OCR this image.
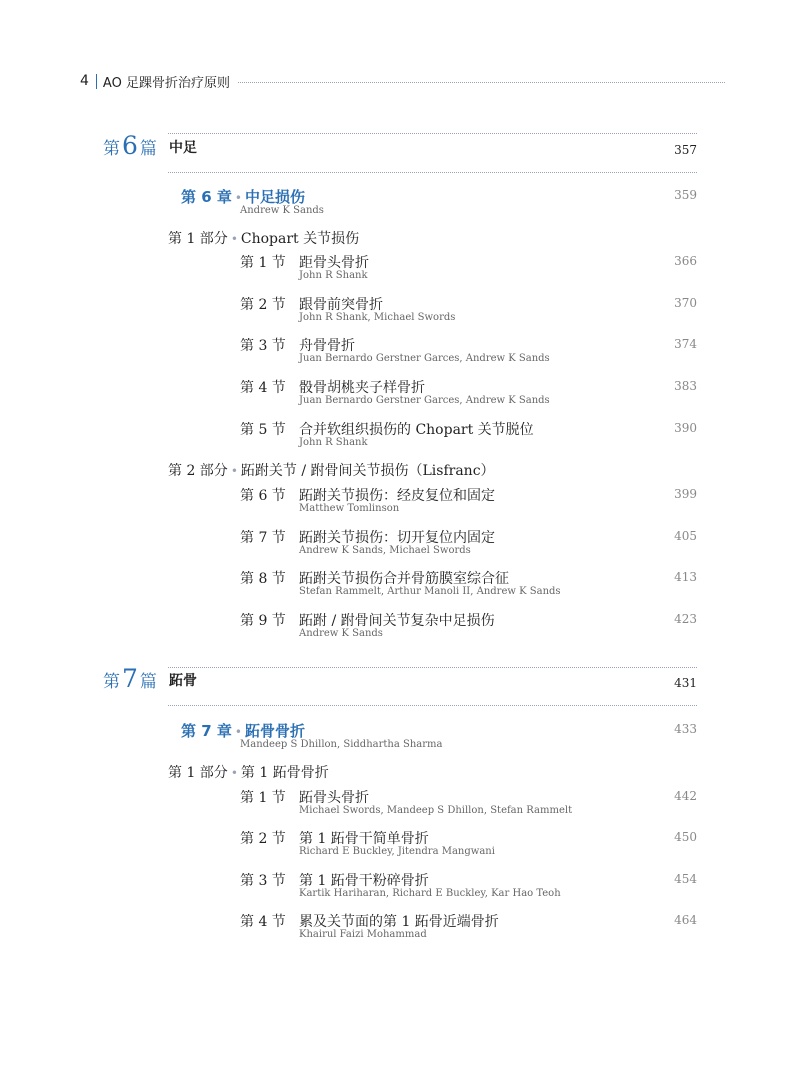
4 AO 足踝骨折治疗原则
第6 篇 中足	357
第 6 章 • 中足损伤
Andrew K Sands
359
第 1 部分 • Chopart 关节损伤
第 1 节 距骨头骨折
John R Shank
366
第 2 节 跟骨前突骨折
John R Shank, Michael Swords
370
第 3 节 舟骨骨折
Juan Bernardo Gerstner Garces, Andrew K Sands
374
第 4 节 骰骨胡桃夹子样骨折
Juan Bernardo Gerstner Garces, Andrew K Sands
383
第 5 节 合并软组织损伤的 Chopart 关节脱位
John R Shank
390
第 2 部分 • 跖跗关节 / 跗骨间关节损伤（Lisfranc）
第 6 节 跖跗关节损伤：经皮复位和固定
Matthew Tomlinson
399
第 7 节 跖跗关节损伤：切开复位内固定
Andrew K Sands, Michael Swords
405
第 8 节 跖跗关节损伤合并骨筋膜室综合征
Stefan Rammelt, Arthur Manoli II, Andrew K Sands
413
第 9 节 跖跗 / 跗骨间关节复杂中足损伤
Andrew K Sands
423
第7 篇 跖骨	431
第 7 章 • 跖骨骨折
Mandeep S Dhillon, Siddhartha Sharma
433
第 1 部分 • 第 1 跖骨骨折
第 1 节 跖骨头骨折
Michael Swords, Mandeep S Dhillon, Stefan Rammelt
442
第 2 节 第 1 跖骨干简单骨折
Richard E Buckley, Jitendra Mangwani
450
第 3 节 第 1 跖骨干粉碎骨折
Kartik Hariharan, Richard E Buckley, Kar Hao Teoh
454
第 4 节 累及关节面的第 1 跖骨近端骨折
Khairul Faizi Mohammad
464
